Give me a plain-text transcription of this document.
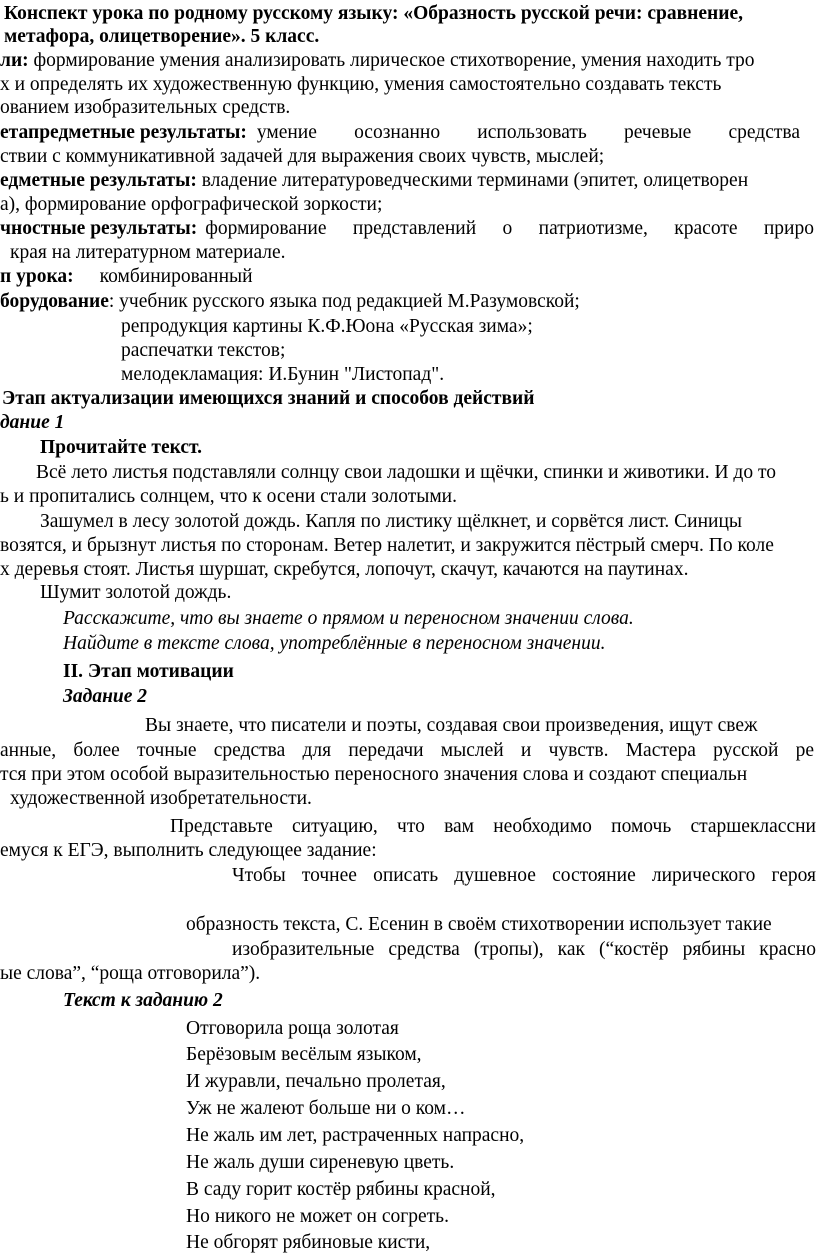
Конспект урока по родному русскому языку: «Образность русской речи: сравнение,
метафора, олицетворение». 5 класс.
ли: формирование умения анализировать лирическое стихотворение, умения находить тро
х и определять их художественную функцию, умения самостоятельно создавать тексть
ованием изобразительных средств.
етапредметные результаты: умение осознанно использовать речевые средства
ствии с коммуникативной задачей для выражения своих чувств, мыслей;
едметные результаты: владение литературоведческими терминами (эпитет, олицетворен
а), формирование орфографической зоркости;
чностные результаты: формирование представлений о патриотизме, красоте приро
края на литературном материале.
п урока: комбинированный
борудование: учебник русского языка под редакцией М.Разумовской;
репродукция картины К.Ф.Юона «Русская зима»;
распечатки текстов;
мелодекламация: И.Бунин "Листопад".
Этап актуализации имеющихся знаний и способов действий
дание 1
Прочитайте текст.
Всё лето листья подставляли солнцу свои ладошки и щёчки, спинки и животики. И до то
ь и пропитались солнцем, что к осени стали золотыми.
Зашумел в лесу золотой дождь. Капля по листику щёлкнет, и сорвётся лист. Синицы
возятся, и брызнут листья по сторонам. Ветер налетит, и закружится пёстрый смерч. По коле
х деревья стоят. Листья шуршат, скребутся, лопочут, скачут, качаются на паутинах.
Шумит золотой дождь.
Расскажите, что вы знаете о прямом и переносном значении слова.
Найдите в тексте слова, употреблённые в переносном значении.
II. Этап мотивации
Задание 2
Вы знаете, что писатели и поэты, создавая свои произведения, ищут свеж
анные, более точные средства для передачи мыслей и чувств. Мастера русской ре
тся при этом особой выразительностью переносного значения слова и создают специальн
художественной изобретательности.
Представьте ситуацию, что вам необходимо помочь старшеклассни
емуся к ЕГЭ, выполнить следующее задание:
Чтобы точнее описать душевное состояние лирического героя
образность текста, С. Есенин в своём стихотворении использует такие
изобразительные средства (тропы), как (“костёр рябины красно
ые слова”, “роща отговорила”).
Текст к заданию 2
Отговорила роща золотая
Берёзовым весёлым языком,
И журавли, печально пролетая,
Уж не жалеют больше ни о ком…
Не жаль им лет, растраченных напрасно,
Не жаль души сиреневую цветь.
В саду горит костёр рябины красной,
Но никого не может он согреть.
Не обгорят рябиновые кисти,
